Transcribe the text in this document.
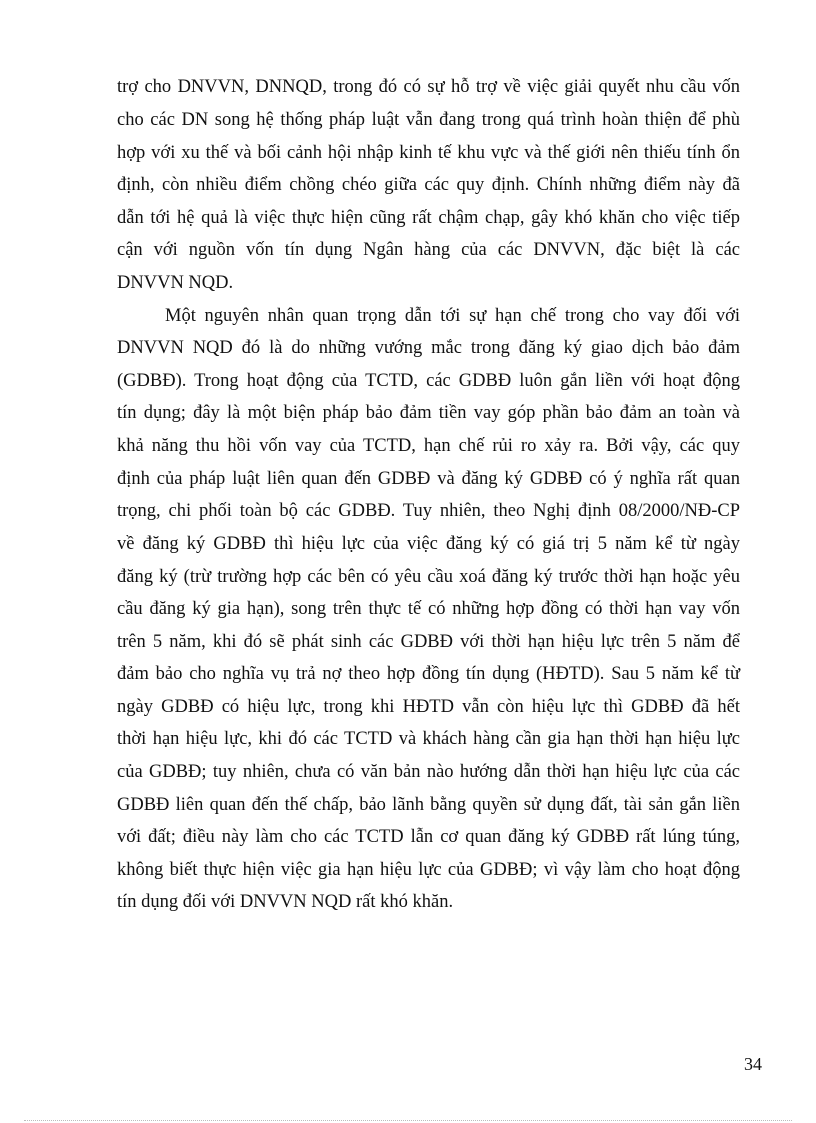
trợ cho DNVVN, DNNQD, trong đó có sự hỗ trợ về việc giải quyết nhu cầu vốn
cho các DN song hệ thống pháp luật vẫn đang trong quá trình hoàn thiện để phù
hợp với xu thế và bối cảnh hội nhập kinh tế khu vực và thế giới nên thiếu tính ổn
định, còn nhiều điểm chồng chéo giữa các quy định. Chính những điểm này đã
dẫn tới hệ quả là việc thực hiện cũng rất chậm chạp, gây khó khăn cho việc tiếp
cận với nguồn vốn tín dụng Ngân hàng của các DNVVN, đặc biệt là các
DNVVN NQD.
Một nguyên nhân quan trọng dẫn tới sự hạn chế trong cho vay đối với
DNVVN NQD đó là do những vướng mắc trong đăng ký giao dịch bảo đảm
(GDBĐ). Trong hoạt động của TCTD, các GDBĐ luôn gắn liền với hoạt động
tín dụng; đây là một biện pháp bảo đảm tiền vay góp phần bảo đảm an toàn và
khả năng thu hồi vốn vay của TCTD, hạn chế rủi ro xảy ra. Bởi vậy, các quy
định của pháp luật liên quan đến GDBĐ và đăng ký GDBĐ có ý nghĩa rất quan
trọng, chi phối toàn bộ các GDBĐ. Tuy nhiên, theo Nghị định 08/2000/NĐ-CP
về đăng ký GDBĐ thì hiệu lực của việc đăng ký có giá trị 5 năm kể từ ngày
đăng ký (trừ trường hợp các bên có yêu cầu xoá đăng ký trước thời hạn hoặc yêu
cầu đăng ký gia hạn), song trên thực tế có những hợp đồng có thời hạn vay vốn
trên 5 năm, khi đó sẽ phát sinh các GDBĐ với thời hạn hiệu lực trên 5 năm để
đảm bảo cho nghĩa vụ trả nợ theo hợp đồng tín dụng (HĐTD). Sau 5 năm kể từ
ngày GDBĐ có hiệu lực, trong khi HĐTD vẫn còn hiệu lực thì GDBĐ đã hết
thời hạn hiệu lực, khi đó các TCTD và khách hàng cần gia hạn thời hạn hiệu lực
của GDBĐ; tuy nhiên, chưa có văn bản nào hướng dẫn thời hạn hiệu lực của các
GDBĐ liên quan đến thế chấp, bảo lãnh bằng quyền sử dụng đất, tài sản gắn liền
với đất; điều này làm cho các TCTD lẫn cơ quan đăng ký GDBĐ rất lúng túng,
không biết thực hiện việc gia hạn hiệu lực của GDBĐ; vì vậy làm cho hoạt động
tín dụng đối với DNVVN NQD rất khó khăn.
34
